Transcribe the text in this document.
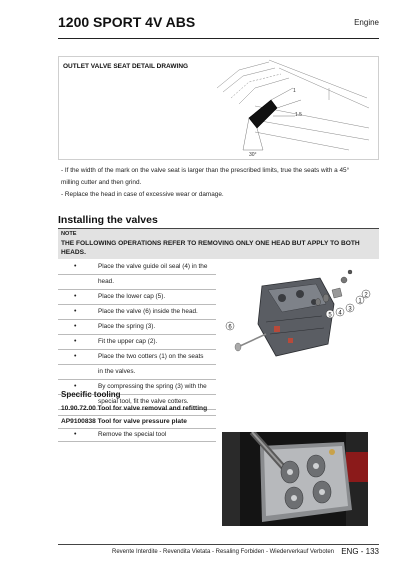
1200 SPORT 4V ABS	Engine
OUTLET VALVE SEAT DETAIL DRAWING
1
1.5
30°
- If the width of the mark on the valve seat is larger than the prescribed limits, true the seats with a 45°
milling cutter and then grind.
- Replace the head in case of excessive wear or damage.
Installing the valves
NOTE
THE FOLLOWING OPERATIONS REFER TO REMOVING ONLY ONE HEAD BUT APPLY TO BOTH HEADS.
•	Place the valve guide oil seal (4) in the
head.
•	Place the lower cap (5).
•	Place the valve (6) inside the head.
•	Place the spring (3).
•	Fit the upper cap (2).
•	Place the two cotters (1) on the seats
in the valves.
•	By compressing the spring (3) with the
special tool, fit the valve cotters.
6
5 4
3
1
2
Specific tooling
10.90.72.00 Tool for valve removal and refitting
AP9100838 Tool for valve pressure plate
•	Remove the special tool
Revente Interdite - Revendita Vietata - Resaling Forbiden - Wiederverkauf Verboten ENG - 133
